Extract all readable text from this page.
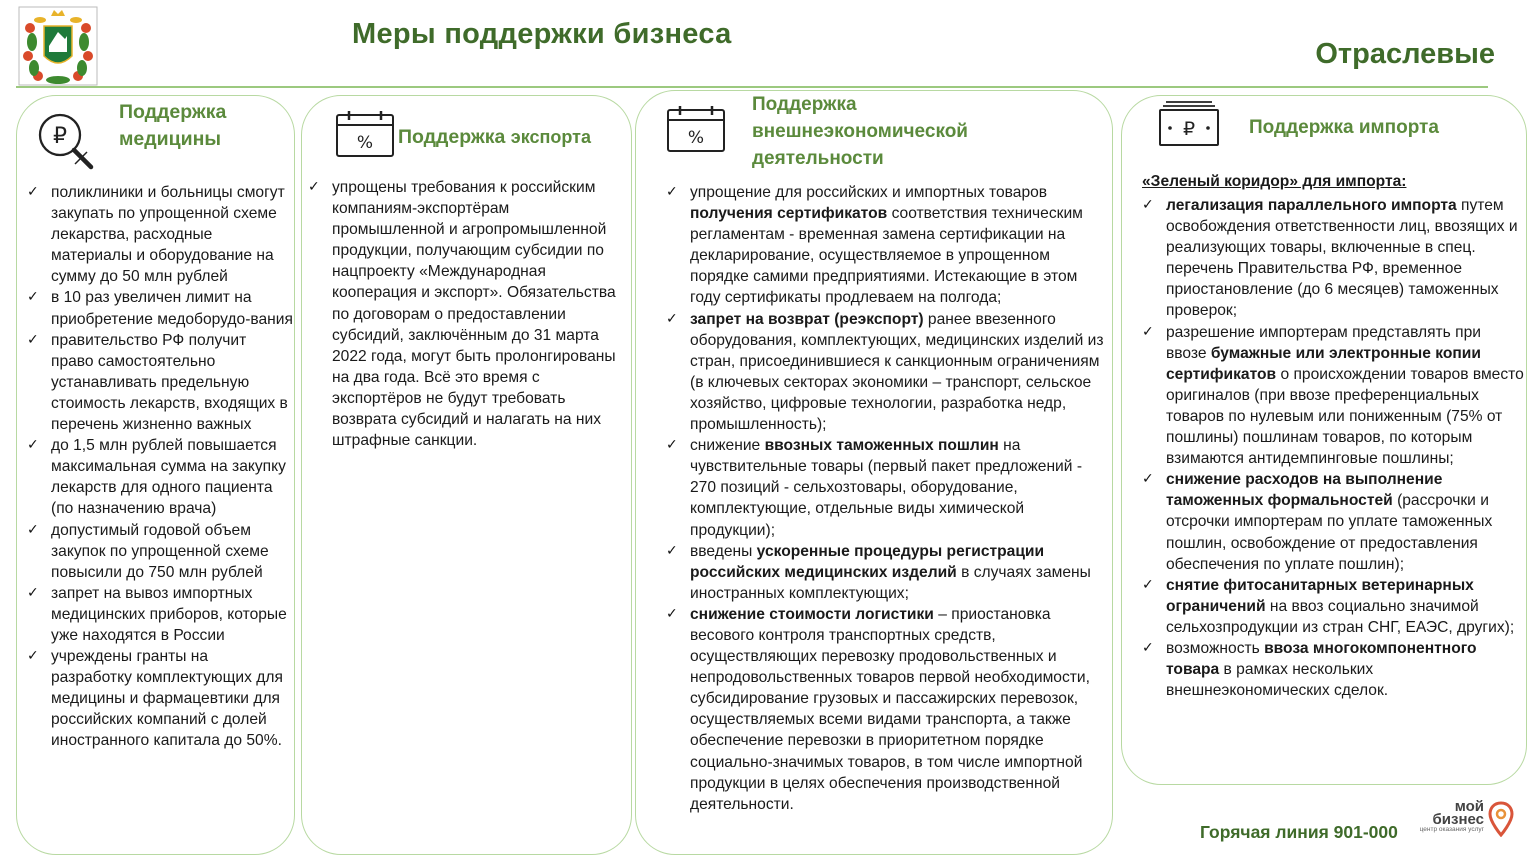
Меры поддержки бизнеса
Отраслевые
₽
Поддержка
медицины
✓ поликлиники и больницы смогут закупать по упрощенной схеме лекарства, расходные материалы и оборудование на сумму до 50 млн рублей
✓ в 10 раз увеличен лимит на приобретение медоборудо-вания
✓ правительство РФ получит право самостоятельно устанавливать предельную стоимость лекарств, входящих в перечень жизненно важных
✓ до 1,5 млн рублей повышается максимальная сумма на закупку лекарств для одного пациента (по назначению врача)
✓ допустимый годовой объем закупок по упрощенной схеме повысили до 750 млн рублей
✓ запрет на вывоз импортных медицинских приборов, которые уже находятся в России
✓ учреждены гранты на разработку комплектующих для медицины и фармацевтики для российских компаний с долей иностранного капитала до 50%.
% Поддержка экспорта
✓ упрощены требования к российским компаниям-экспортёрам промышленной и агропромышленной продукции, получающим субсидии по нацпроекту «Международная кооперация и экспорт». Обязательства по договорам о предоставлении субсидий, заключённым до 31 марта 2022 года, могут быть пролонгированы на два года. Всё это время с экспортёров не будут требовать возврата субсидий и налагать на них штрафные санкции.
%
Поддержка
внешнеэкономической
деятельности
✓ упрощение для российских и импортных товаров получения сертификатов соответствия техническим регламентам - временная замена сертификации на декларирование, осуществляемое в упрощенном порядке самими предприятиями. Истекающие в этом году сертификаты продлеваем на полгода;
✓ запрет на возврат (реэкспорт) ранее ввезенного оборудования, комплектующих, медицинских изделий из стран, присоединившиеся к санкционным ограничениям (в ключевых секторах экономики – транспорт, сельское хозяйство, цифровые технологии, разработка недр, промышленность);
✓ снижение ввозных таможенных пошлин на чувствительные товары (первый пакет предложений - 270 позиций - сельхозтовары, оборудование, комплектующие, отдельные виды химической продукции);
✓ введены ускоренные процедуры регистрации российских медицинских изделий в случаях замены иностранных комплектующих;
✓ снижение стоимости логистики – приостановка весового контроля транспортных средств, осуществляющих перевозку продовольственных и непродовольственных товаров первой необходимости, субсидирование грузовых и пассажирских перевозок, осуществляемых всеми видами транспорта, а также обеспечение перевозки в приоритетном порядке социально-значимых товаров, в том числе импортной продукции в целях обеспечения производственной деятельности.
₽	Поддержка импорта
«Зеленый коридор» для импорта:
✓ легализация параллельного импорта путем освобождения ответственности лиц, ввозящих и реализующих товары, включенные в спец. перечень Правительства РФ, временное приостановление (до 6 месяцев) таможенных проверок;
✓ разрешение импортерам представлять при ввозе бумажные или электронные копии сертификатов о происхождении товаров вместо оригиналов (при ввозе преференциальных товаров по нулевым или пониженным (75% от пошлины) пошлинам товаров, по которым взимаются антидемпинговые пошлины;
✓ снижение расходов на выполнение таможенных формальностей (рассрочки и отсрочки импортерам по уплате таможенных пошлин, освобождение от предоставления обеспечения по уплате пошлин);
✓ снятие фитосанитарных ветеринарных ограничений на ввоз социально значимой сельхозпродукции из стран СНГ, ЕАЭС, других);
✓ возможность ввоза многокомпонентного товара в рамках нескольких внешнеэкономических сделок.
Горячая линия 901-000
мой
бизнес
центр оказания услуг
